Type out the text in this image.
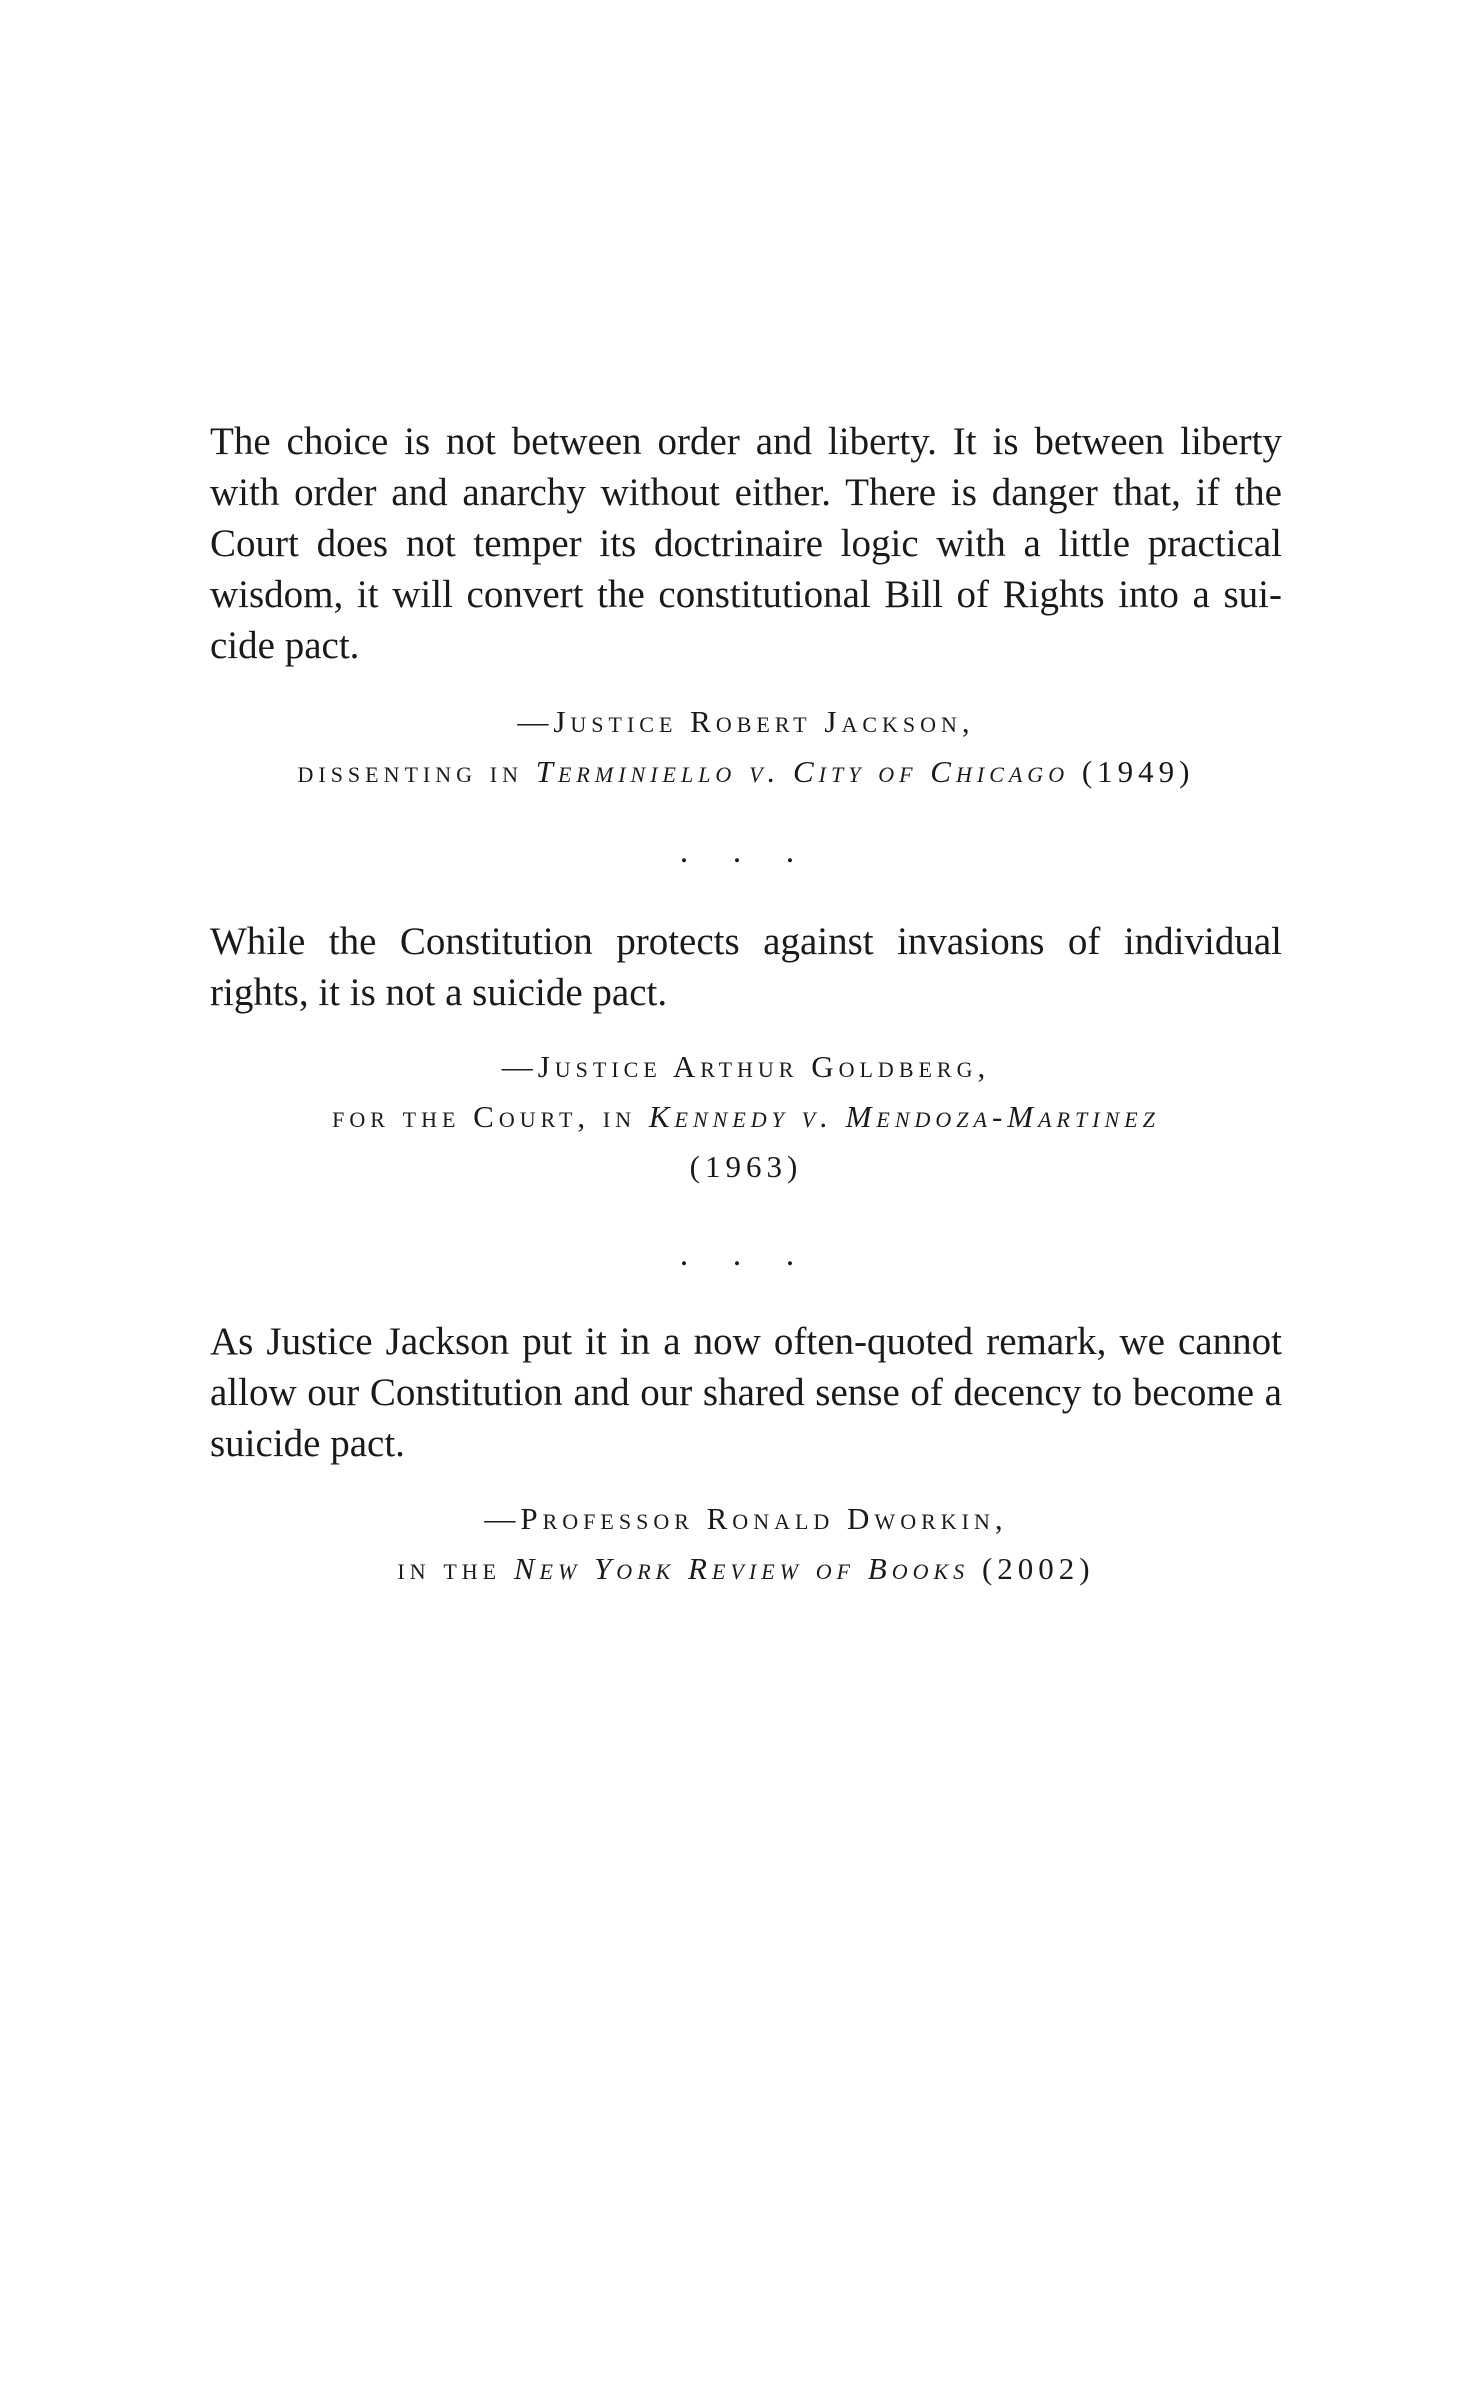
The choice is not between order and liberty. It is between liberty with order and anarchy without either. There is danger that, if the Court does not temper its doctrinaire logic with a little practical wisdom, it will convert the constitutional Bill of Rights into a suicide pact.
—Justice Robert Jackson,
dissenting in Terminiello v. City of Chicago (1949)
. . .
While the Constitution protects against invasions of individual rights, it is not a suicide pact.
—Justice Arthur Goldberg,
for the Court, in Kennedy v. Mendoza-Martinez
(1963)
. . .
As Justice Jackson put it in a now often-quoted remark, we cannot allow our Constitution and our shared sense of decency to become a suicide pact.
—Professor Ronald Dworkin,
in the New York Review of Books (2002)
